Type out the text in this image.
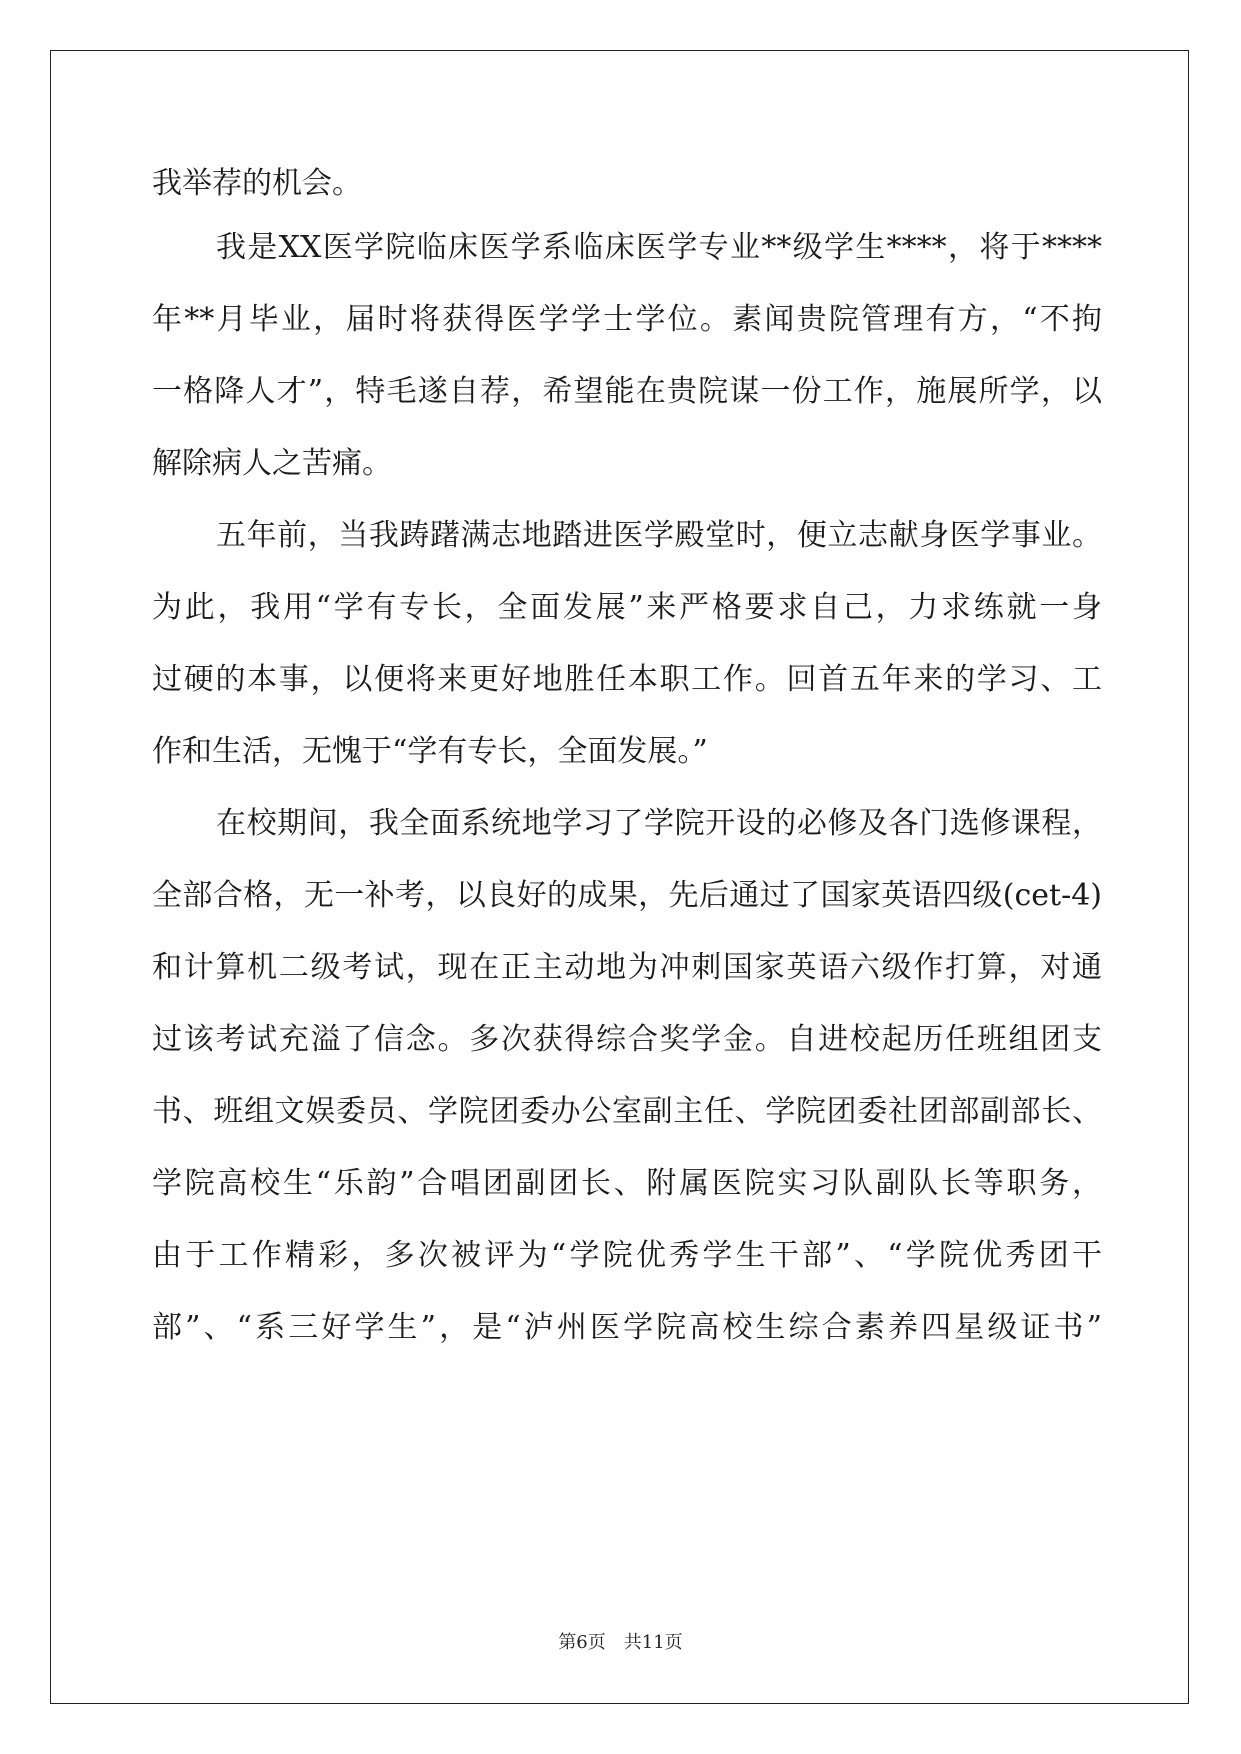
我举荐的机会。
我是XX医学院临床医学系临床医学专业**级学生****，将于****
年**月毕业，届时将获得医学学士学位。素闻贵院管理有方，“不拘
一格降人才”，特毛遂自荐，希望能在贵院谋一份工作，施展所学，以
解除病人之苦痛。
五年前，当我踌躇满志地踏进医学殿堂时，便立志献身医学事业。
为此，我用“学有专长，全面发展”来严格要求自己，力求练就一身
过硬的本事，以便将来更好地胜任本职工作。回首五年来的学习、工
作和生活，无愧于“学有专长，全面发展。”
在校期间，我全面系统地学习了学院开设的必修及各门选修课程，
全部合格，无一补考，以良好的成果，先后通过了国家英语四级(cet-4)
和计算机二级考试，现在正主动地为冲刺国家英语六级作打算，对通
过该考试充溢了信念。多次获得综合奖学金。自进校起历任班组团支
书、班组文娱委员、学院团委办公室副主任、学院团委社团部副部长、
学院高校生“乐韵”合唱团副团长、附属医院实习队副队长等职务，
由于工作精彩，多次被评为“学院优秀学生干部”、“学院优秀团干
部”、“系三好学生”，是“泸州医学院高校生综合素养四星级证书”
第6页 共11页
